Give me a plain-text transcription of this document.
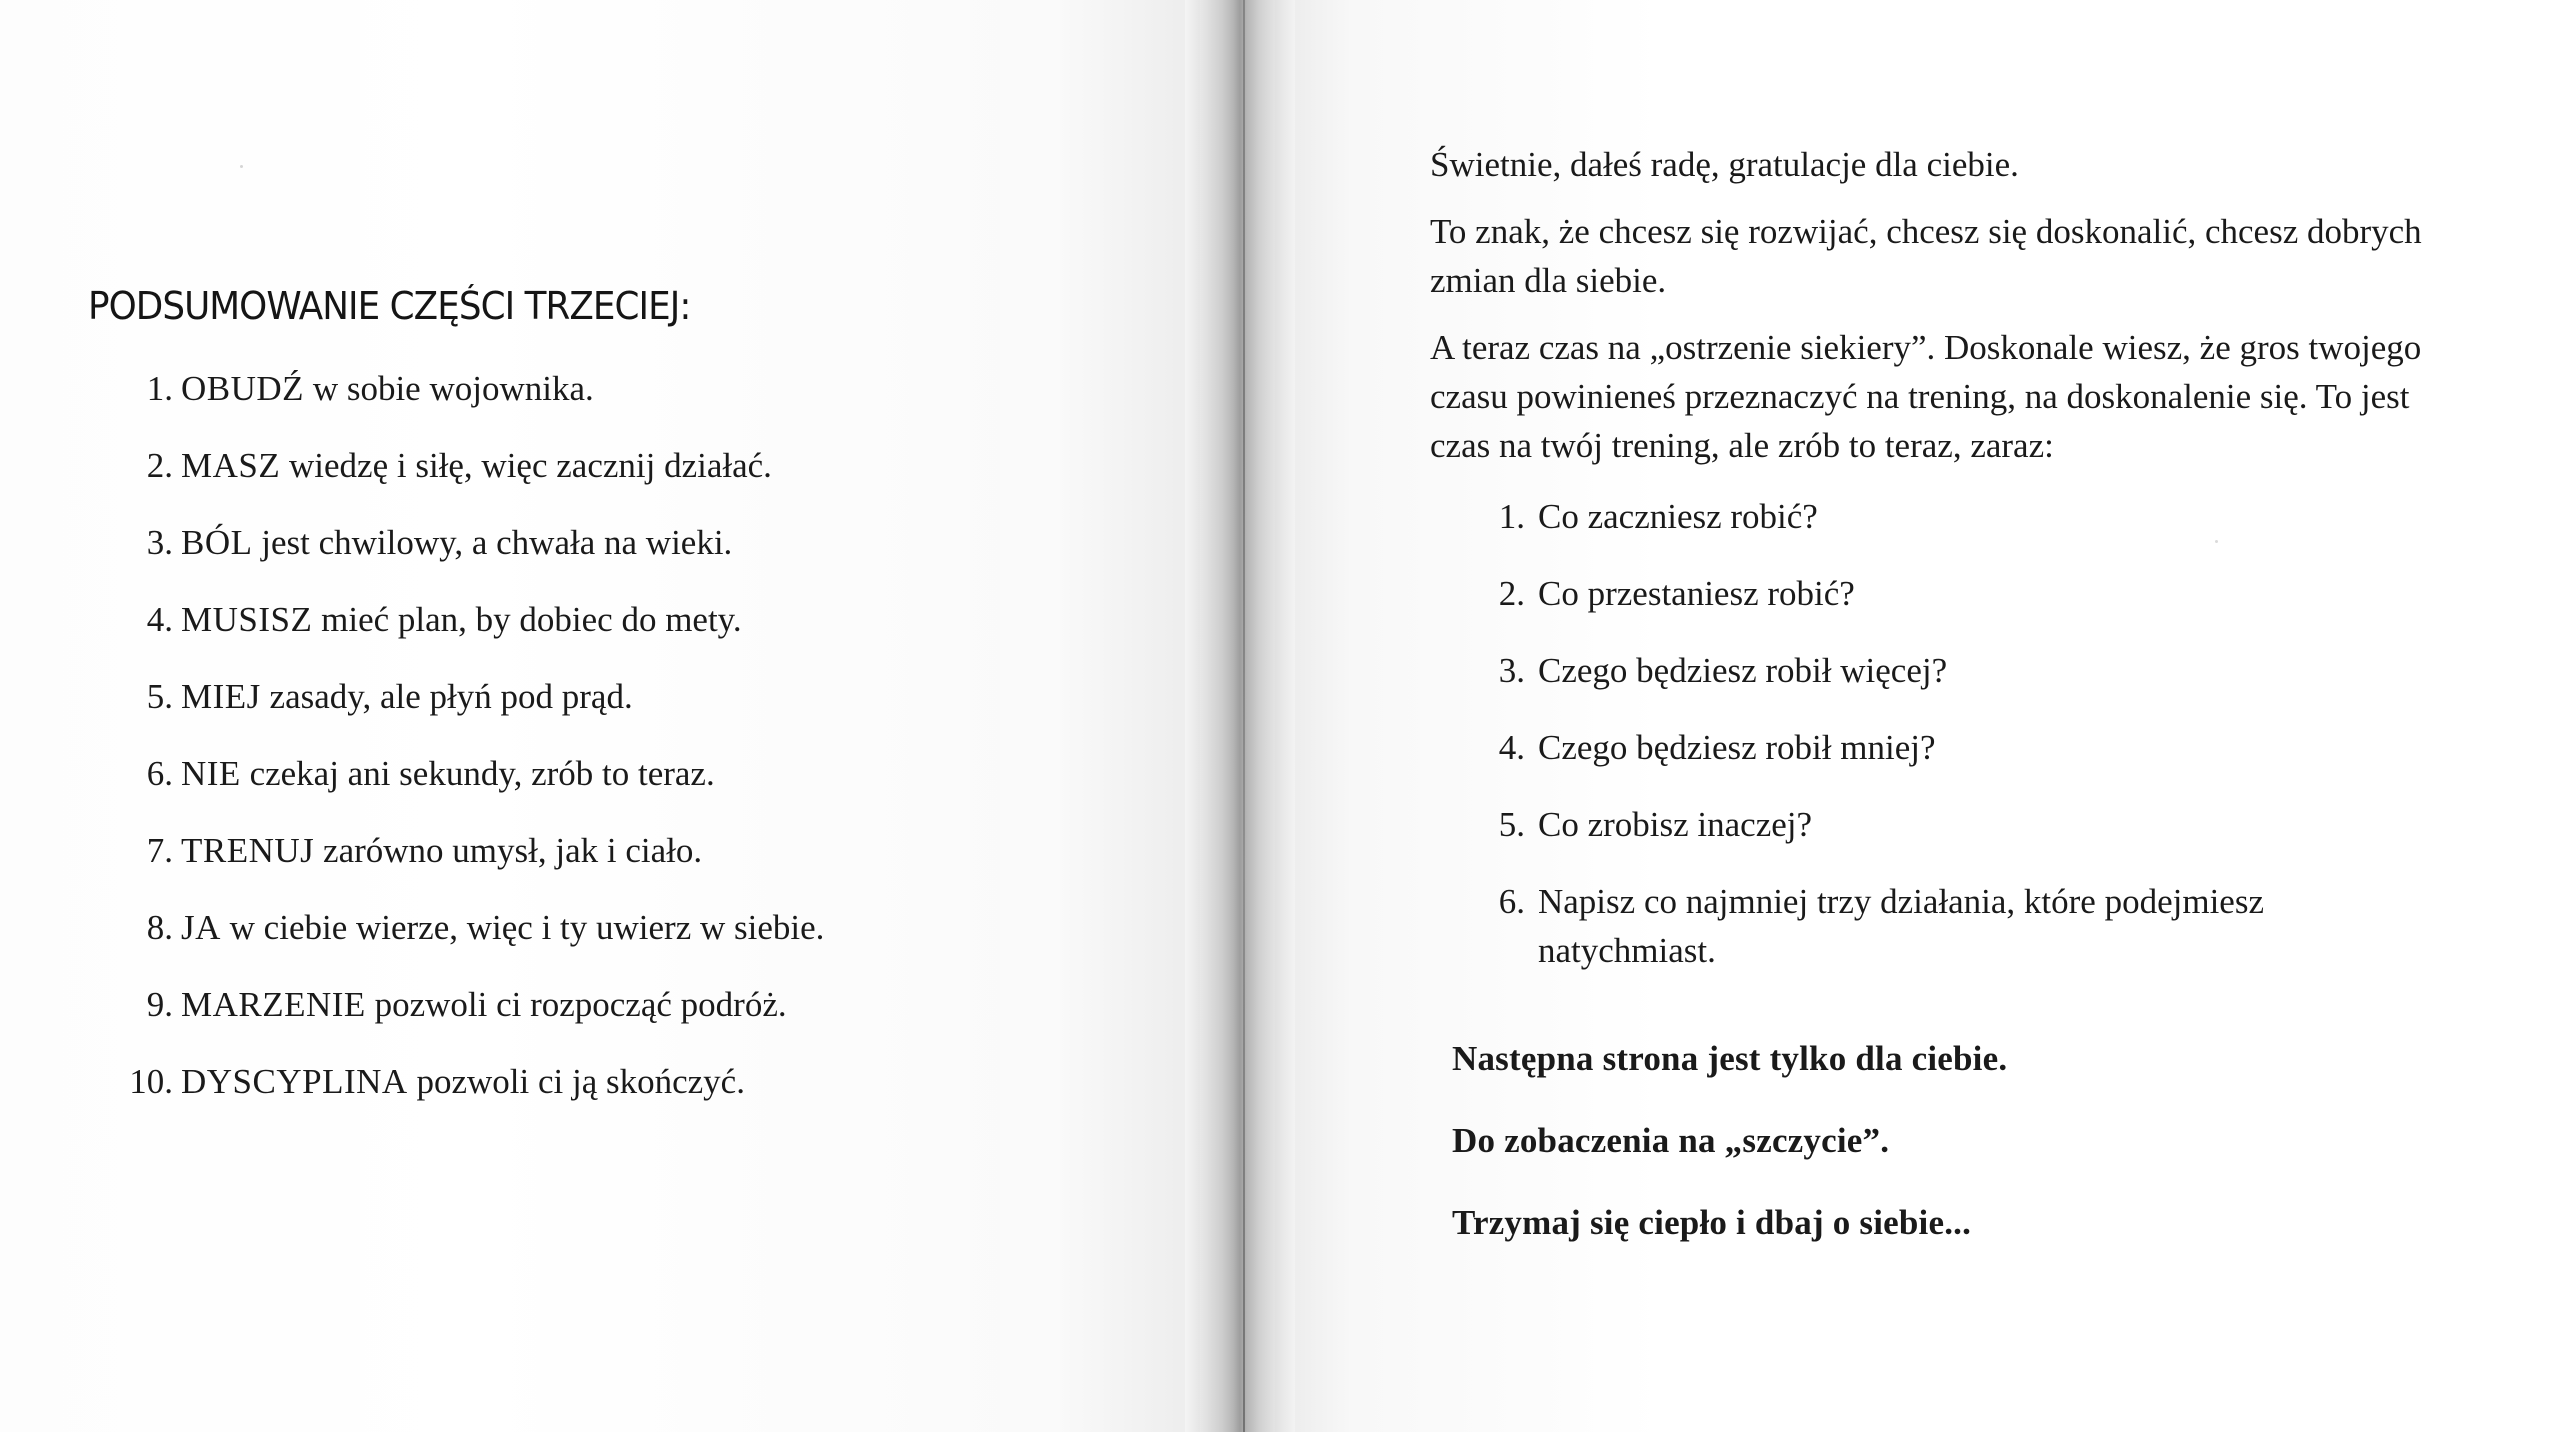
PODSUMOWANIE CZĘŚCI TRZECIEJ:
1. OBUDŹ w sobie wojownika.
2. MASZ wiedzę i siłę, więc zacznij działać.
3. BÓL jest chwilowy, a chwała na wieki.
4. MUSISZ mieć plan, by dobiec do mety.
5. MIEJ zasady, ale płyń pod prąd.
6. NIE czekaj ani sekundy, zrób to teraz.
7. TRENUJ zarówno umysł, jak i ciało.
8. JA w ciebie wierze, więc i ty uwierz w siebie.
9. MARZENIE pozwoli ci rozpocząć podróż.
10. DYSCYPLINA pozwoli ci ją skończyć.

Świetnie, dałeś radę, gratulacje dla ciebie.

To znak, że chcesz się rozwijać, chcesz się doskonalić, chcesz dobrych zmian dla siebie.

A teraz czas na „ostrzenie siekiery”. Doskonale wiesz, że gros twojego czasu powinieneś przeznaczyć na trening, na doskonalenie się. To jest czas na twój trening, ale zrób to teraz, zaraz:

1. Co zaczniesz robić?
2. Co przestaniesz robić?
3. Czego będziesz robił więcej?
4. Czego będziesz robił mniej?
5. Co zrobisz inaczej?
6. Napisz co najmniej trzy działania, które podejmiesz natychmiast.

Następna strona jest tylko dla ciebie.

Do zobaczenia na „szczycie”.

Trzymaj się ciepło i dbaj o siebie...
